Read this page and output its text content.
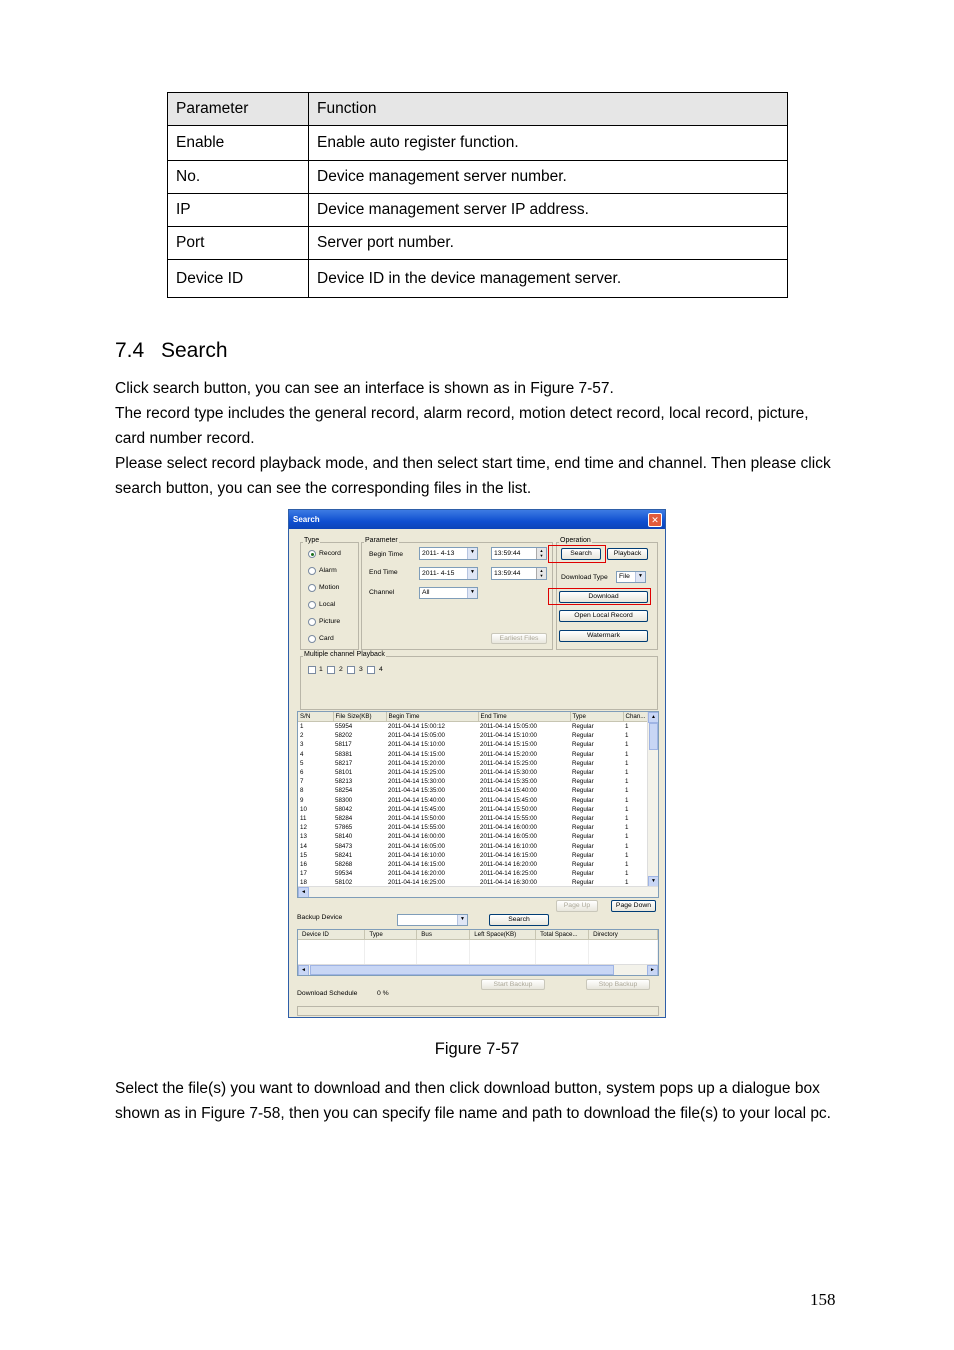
Parameter	Function
Enable	Enable auto register function.
No.	Device management server number.
IP	Device management server IP address.
Port	Server port number.
Device ID	Device ID in the device management server.
7.4 Search

Click search button, you can see an interface is shown as in Figure 7-57.

The record type includes the general record, alarm record, motion detect record, local record, picture, card number record.

Please select record playback mode, and then select start time, end time and channel. Then please click search button, you can see the corresponding files in the list.

Search	✕
Type
Record
Alarm
Motion
Local
Picture
Card
Parameter
Begin Time	2011- 4-13	▼	13:59:44	▲
▼
End Time	2011- 4-15	▼	13:59:44	▲
▼
Channel	All	▼
Earliest Files
Operation
Search	Playback
Download Type	File	▼
Download
Open Local Record
Watermark
Multiple channel Playback
1 2 3 4
S/N	File Size(KB)	Begin Time	End Time	Type	Chan...
1	55954	2011-04-14 15:00:12	2011-04-14 15:05:00	Regular	1
2	58202	2011-04-14 15:05:00	2011-04-14 15:10:00	Regular	1
3	58117	2011-04-14 15:10:00	2011-04-14 15:15:00	Regular	1
4	58381	2011-04-14 15:15:00	2011-04-14 15:20:00	Regular	1
5	58217	2011-04-14 15:20:00	2011-04-14 15:25:00	Regular	1
6	58101	2011-04-14 15:25:00	2011-04-14 15:30:00	Regular	1
7	58213	2011-04-14 15:30:00	2011-04-14 15:35:00	Regular	1
8	58254	2011-04-14 15:35:00	2011-04-14 15:40:00	Regular	1
9	58300	2011-04-14 15:40:00	2011-04-14 15:45:00	Regular	1
10	58042	2011-04-14 15:45:00	2011-04-14 15:50:00	Regular	1
11	58284	2011-04-14 15:50:00	2011-04-14 15:55:00	Regular	1
12	57865	2011-04-14 15:55:00	2011-04-14 16:00:00	Regular	1
13	58140	2011-04-14 16:00:00	2011-04-14 16:05:00	Regular	1
14	58473	2011-04-14 16:05:00	2011-04-14 16:10:00	Regular	1
15	58241	2011-04-14 16:10:00	2011-04-14 16:15:00	Regular	1
16	58268	2011-04-14 16:15:00	2011-04-14 16:20:00	Regular	1
17	59534	2011-04-14 16:20:00	2011-04-14 16:25:00	Regular	1
18	58102	2011-04-14 16:25:00	2011-04-14 16:30:00	Regular	1
▲
▼
◄
Page Up	Page Down
Backup Device	▼	Search
Device ID	Type	Bus	Left Space(KB)	Total Space...	Directory

◄	►
Start Backup	Stop Backup
Download Schedule	0 %
Figure 7-57

Select the file(s) you want to download and then click download button, system pops up a dialogue box shown as in Figure 7-58, then you can specify file name and path to download the file(s) to your local pc.

158
